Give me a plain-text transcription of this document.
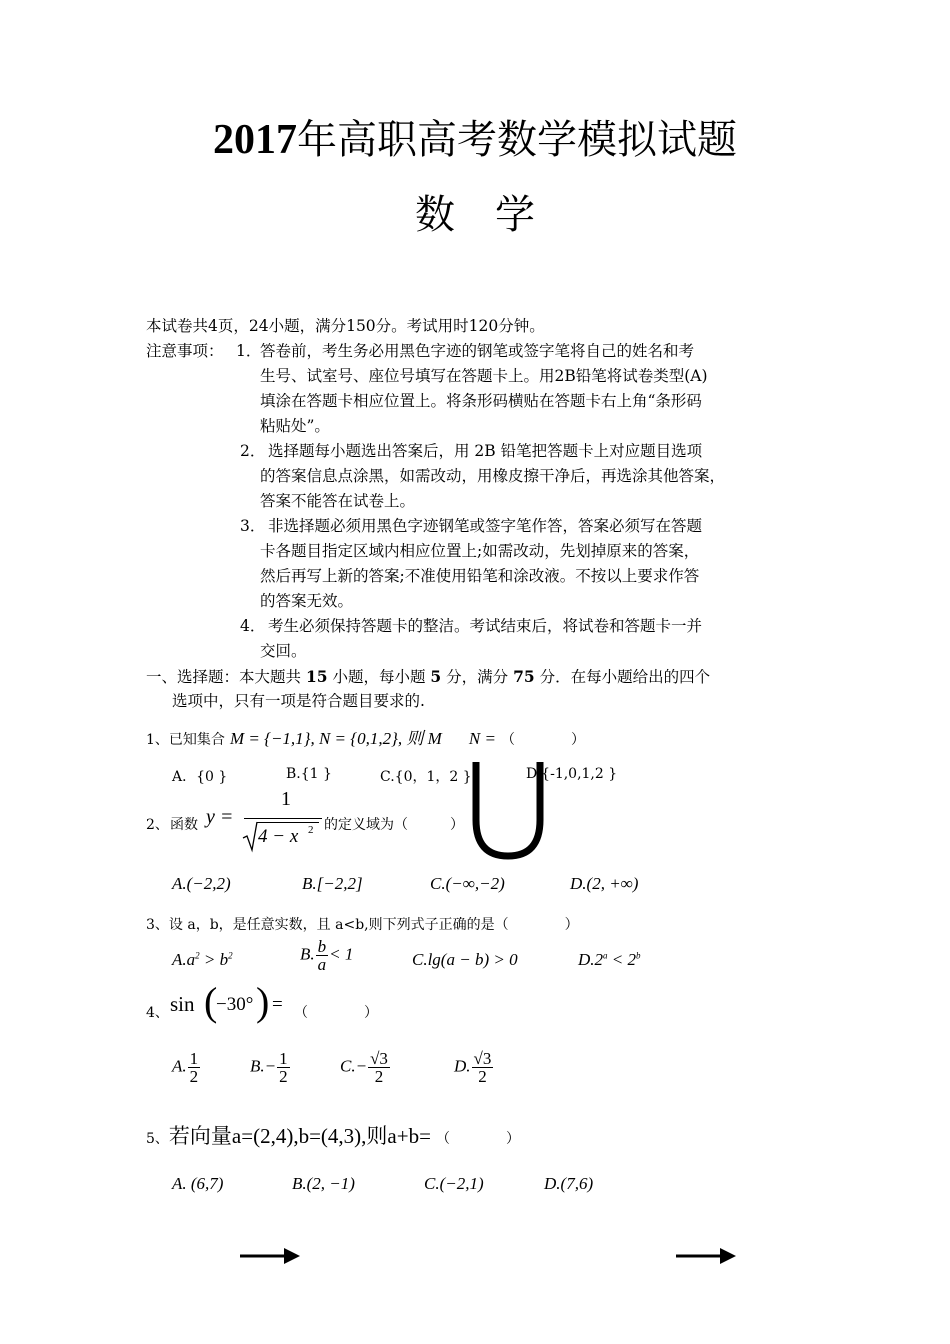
2017年高职高考数学模拟试题
数　学
本试卷共4页，24小题，满分150分。考试用时120分钟。
注意事项： 1．
答卷前，考生务必用黑色字迹的钢笔或签字笔将自己的姓名和考
生号、试室号、座位号填写在答题卡上。用2B铅笔将试卷类型(A)
填涂在答题卡相应位置上。将条形码横贴在答题卡右上角“条形码
粘贴处”。
2． 选择题每小题选出答案后，用 2B 铅笔把答题卡上对应题目选项
的答案信息点涂黑，如需改动，用橡皮擦干净后，再选涂其他答案，
答案不能答在试卷上。
3． 非选择题必须用黑色字迹钢笔或签字笔作答，答案必须写在答题
卡各题目指定区域内相应位置上;如需改动，先划掉原来的答案，
然后再写上新的答案;不准使用铅笔和涂改液。不按以上要求作答
的答案无效。
4． 考生必须保持答题卡的整洁。考试结束后，将试卷和答题卡一并
交回。
一、选择题：本大题共 15 小题，每小题 5 分，满分 75 分．在每小题给出的四个
选项中，只有一项是符合题目要求的.
1、已知集合 M = {−1,1}, N = {0,1,2}, 则 M N = （　　　　）
A．{0 }	B.{1 }	C.{0，1，2 }	D.{-1,0,1,2 }
2、 函数 y =
1
4 − x 2 的定义域为（　　　）
A.(−2,2)	B.[−2,2]	C.(−∞,−2)	D.(2, +∞)
3、设 a，b，是任意实数，且 a<b,则下列式子正确的是（　　　　）
$A.a^2 > b^2$	B. $\frac{b}{a} < 1$	C.lg(a − b) > 0	$D.2^a < 2^b$
4、 sin (
−30° ) = （　　　　）
A. $\frac{1}{2}$	$B.- \frac{1}{2}$	$C.- \frac{√3}{2}$	D. $\frac{√3}{2}$
5、若向量a=(2,4),b=(4,3),则a+b= （　　　　）
A. (6,7)	B.(2, −1)	C.(−2,1)	D.(7,6)
